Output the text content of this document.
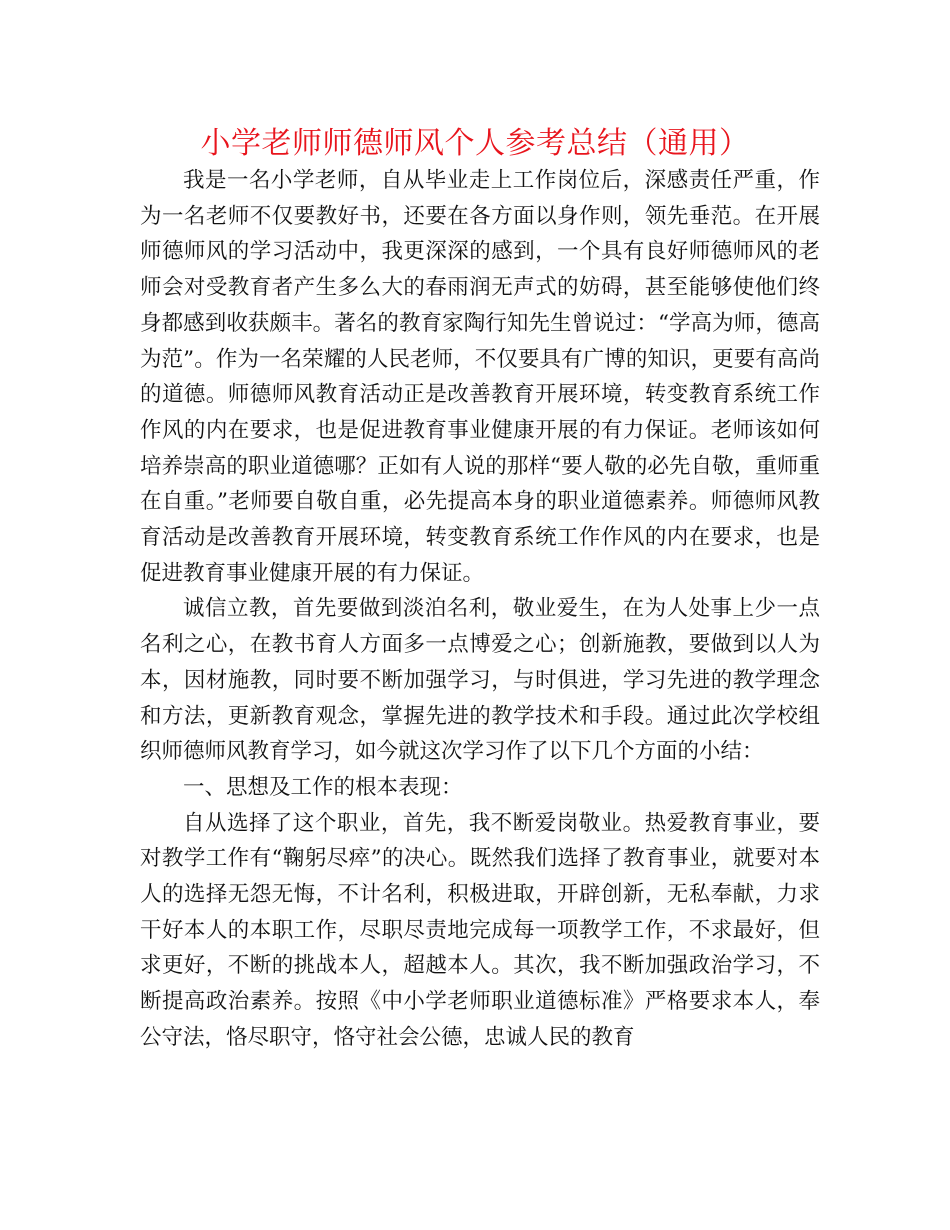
小学老师师德师风个人参考总结（通用）

我是一名小学老师，自从毕业走上工作岗位后，深感责任严重，作为一名老师不仅要教好书，还要在各方面以身作则，领先垂范。在开展师德师风的学习活动中，我更深深的感到，一个具有良好师德师风的老师会对受教育者产生多么大的春雨润无声式的妨碍，甚至能够使他们终身都感到收获颇丰。著名的教育家陶行知先生曾说过：“学高为师，德高为范”。作为一名荣耀的人民老师，不仅要具有广博的知识，更要有高尚的道德。师德师风教育活动正是改善教育开展环境，转变教育系统工作作风的内在要求，也是促进教育事业健康开展的有力保证。老师该如何培养崇高的职业道德哪？正如有人说的那样“要人敬的必先自敬，重师重在自重。”老师要自敬自重，必先提高本身的职业道德素养。师德师风教育活动是改善教育开展环境，转变教育系统工作作风的内在要求，也是促进教育事业健康开展的有力保证。

诚信立教，首先要做到淡泊名利，敬业爱生，在为人处事上少一点名利之心，在教书育人方面多一点博爱之心；创新施教，要做到以人为本，因材施教，同时要不断加强学习，与时俱进，学习先进的教学理念和方法，更新教育观念，掌握先进的教学技术和手段。通过此次学校组织师德师风教育学习，如今就这次学习作了以下几个方面的小结：

一、思想及工作的根本表现：

自从选择了这个职业，首先，我不断爱岗敬业。热爱教育事业，要对教学工作有“鞠躬尽瘁”的决心。既然我们选择了教育事业，就要对本人的选择无怨无悔，不计名利，积极进取，开辟创新，无私奉献，力求干好本人的本职工作，尽职尽责地完成每一项教学工作，不求最好，但求更好，不断的挑战本人，超越本人。其次，我不断加强政治学习，不断提高政治素养。按照《中小学老师职业道德标准》严格要求本人，奉公守法，恪尽职守，恪守社会公德，忠诚人民的教育
